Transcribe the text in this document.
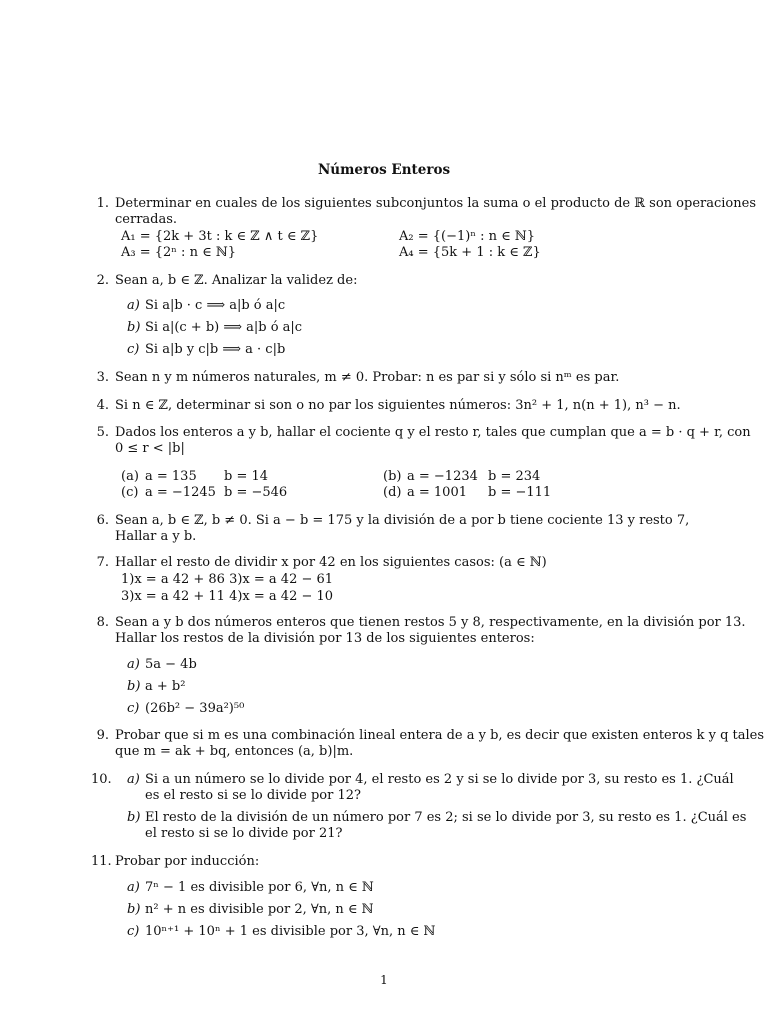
Números Enteros
1. Determinar en cuales de los siguientes subconjuntos la suma o el producto de ℝ son operaciones
cerradas.
A₁ = {2k + 3t : k ∈ ℤ ∧ t ∈ ℤ}	A₂ = {(−1)ⁿ : n ∈ ℕ}
A₃ = {2ⁿ : n ∈ ℕ}	A₄ = {5k + 1 : k ∈ ℤ}
2. Sean a, b ∈ ℤ. Analizar la validez de:
a) Si a|b · c ⟹ a|b ó a|c
b) Si a|(c + b) ⟹ a|b ó a|c
c) Si a|b y c|b ⟹ a · c|b
3. Sean n y m números naturales, m ≠ 0. Probar: n es par si y sólo si nᵐ es par.
4. Si n ∈ ℤ, determinar si son o no par los siguientes números: 3n² + 1, n(n + 1), n³ − n.
5. Dados los enteros a y b, hallar el cociente q y el resto r, tales que cumplan que a = b · q + r, con
0 ≤ r < |b|
(a) a = 135 b = 14	(b) a = −1234 b = 234
(c) a = −1245 b = −546	(d) a = 1001 b = −111
6. Sean a, b ∈ ℤ, b ≠ 0. Si a − b = 175 y la división de a por b tiene cociente 13 y resto 7,
Hallar a y b.
7. Hallar el resto de dividir x por 42 en los siguientes casos: (a ∈ ℕ)
1)x = a 42 + 86 3)x = a 42 − 61
3)x = a 42 + 11 4)x = a 42 − 10
8. Sean a y b dos números enteros que tienen restos 5 y 8, respectivamente, en la división por 13.
Hallar los restos de la división por 13 de los siguientes enteros:
a) 5a − 4b
b) a + b²
c) (26b² − 39a²)⁵⁰
9. Probar que si m es una combinación lineal entera de a y b, es decir que existen enteros k y q tales
que m = ak + bq, entonces (a, b)|m.
10. a) Si a un número se lo divide por 4, el resto es 2 y si se lo divide por 3, su resto es 1. ¿Cuál
es el resto si se lo divide por 12?
b) El resto de la división de un número por 7 es 2; si se lo divide por 3, su resto es 1. ¿Cuál es
el resto si se lo divide por 21?
11. Probar por inducción:
a) 7ⁿ − 1 es divisible por 6, ∀n, n ∈ ℕ
b) n² + n es divisible por 2, ∀n, n ∈ ℕ
c) 10ⁿ⁺¹ + 10ⁿ + 1 es divisible por 3, ∀n, n ∈ ℕ
1
